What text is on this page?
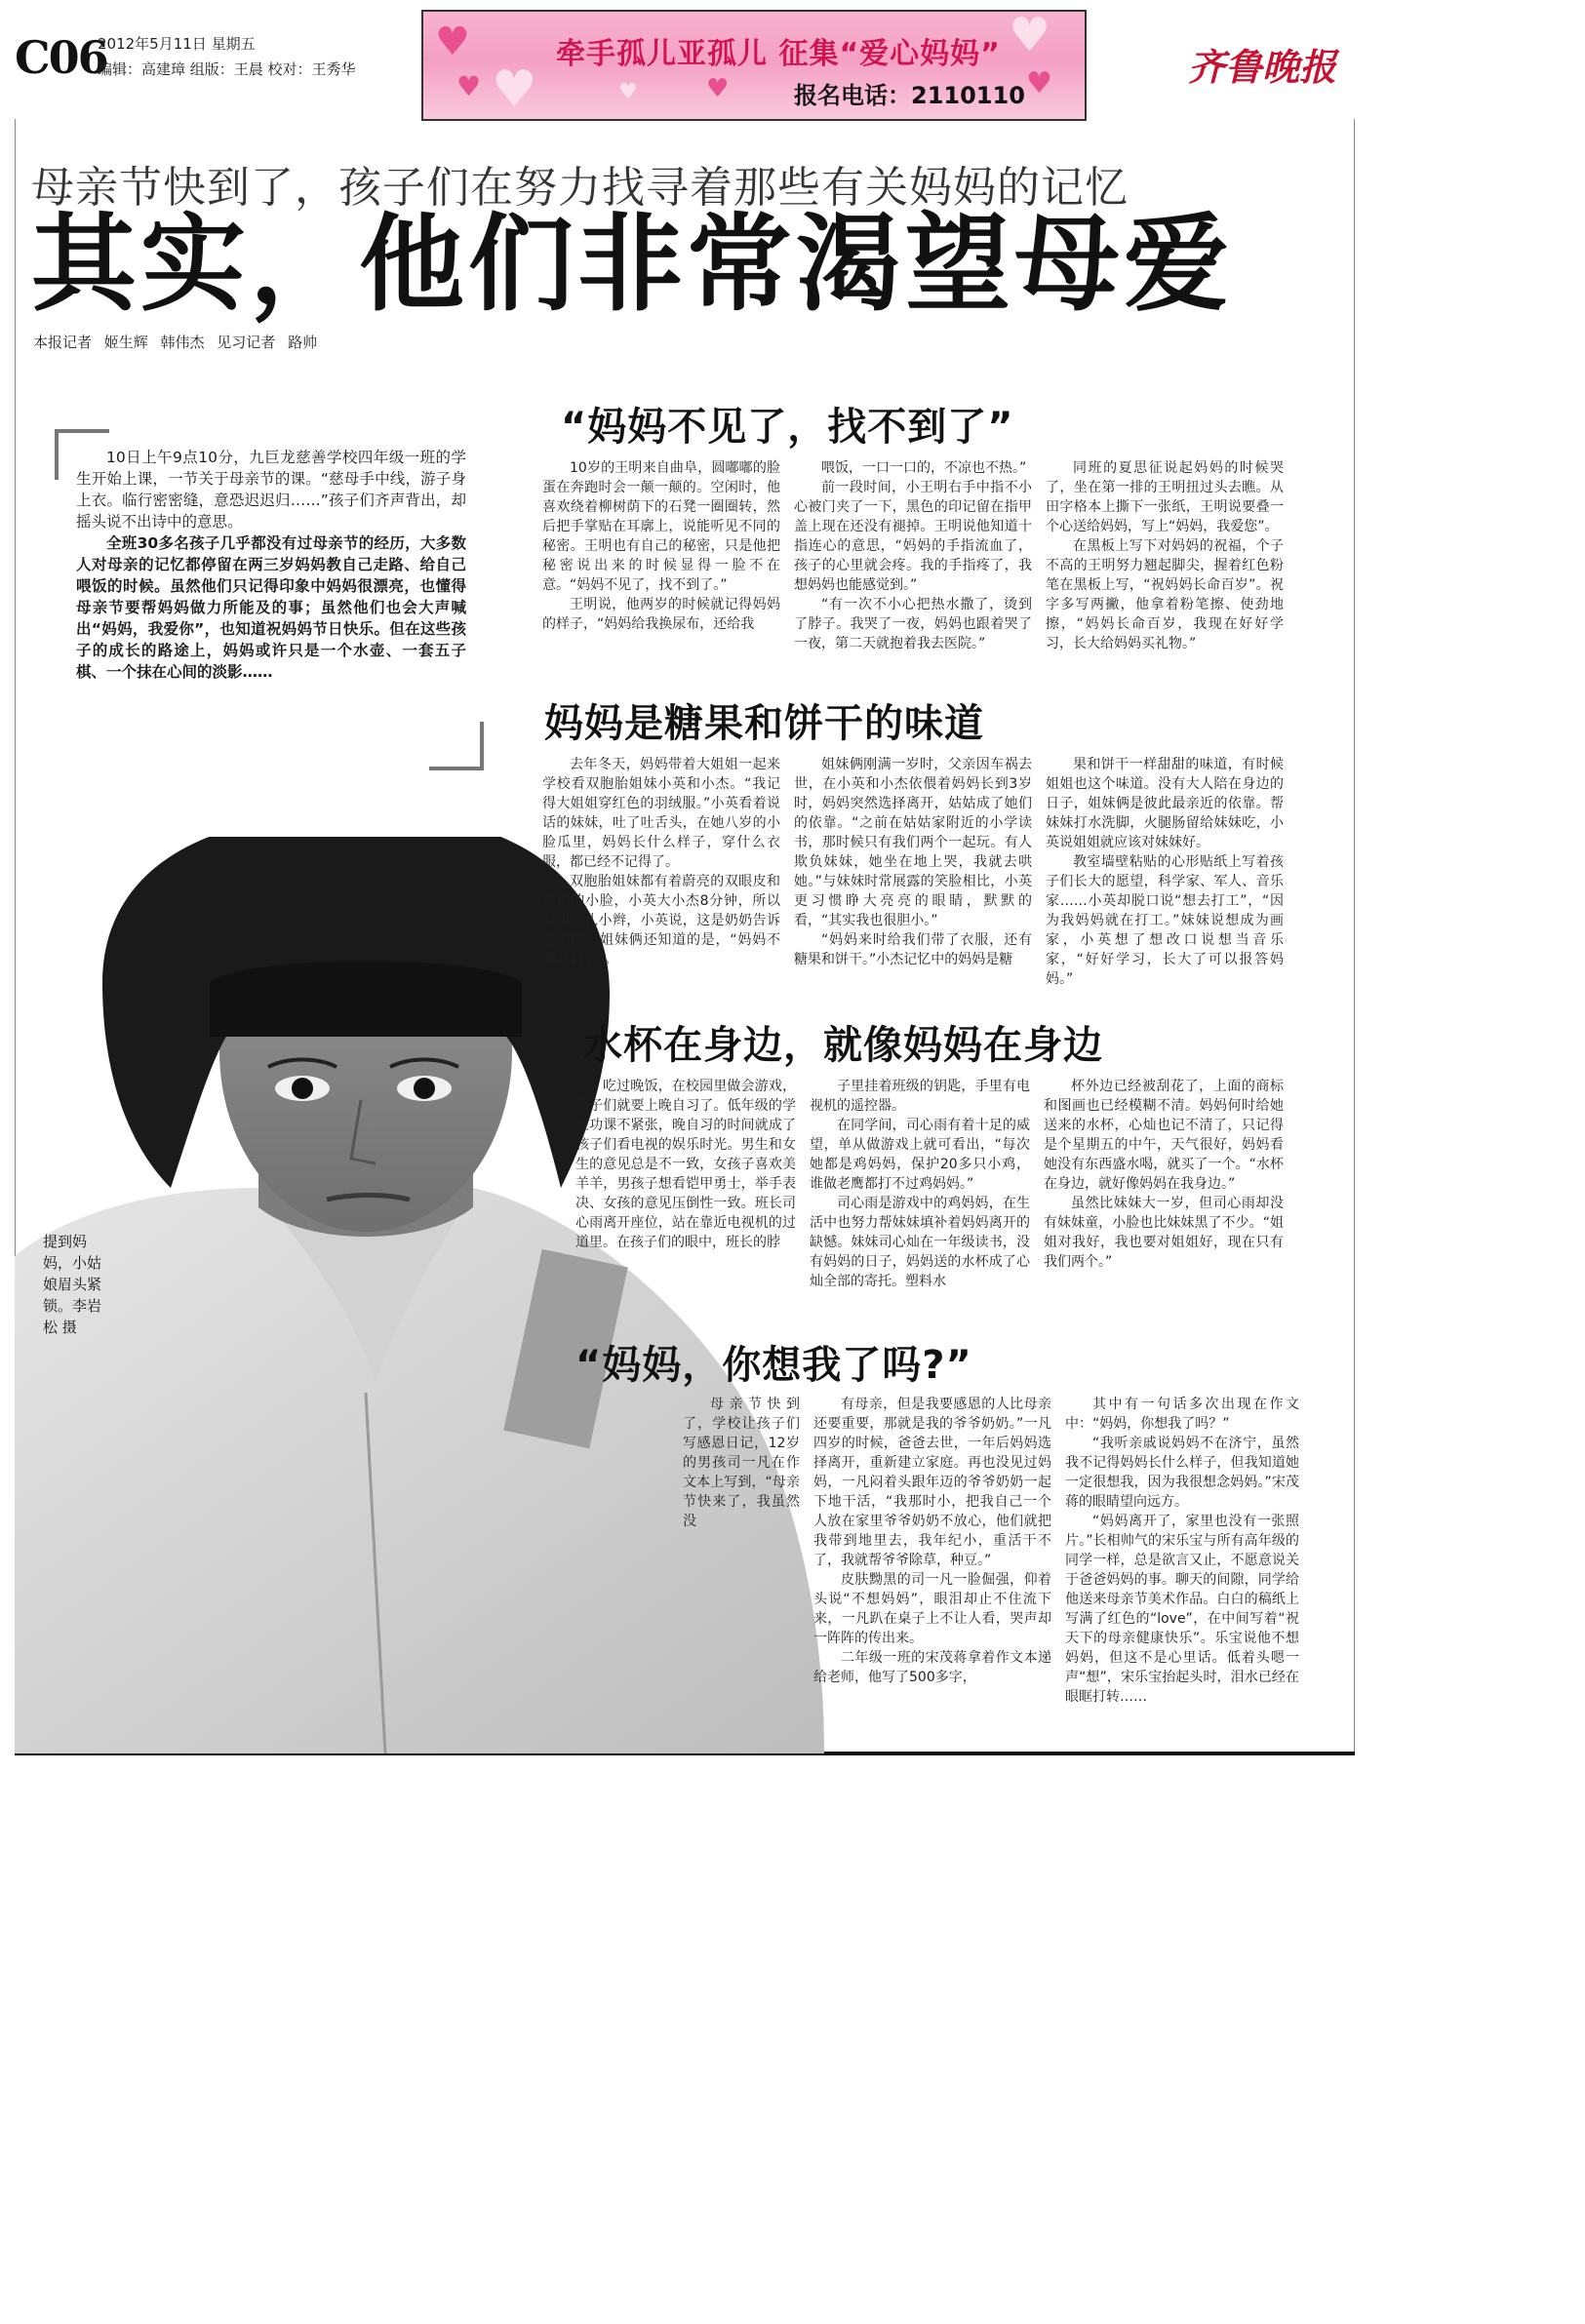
C06
2012年5月11日 星期五
编辑：高建璋 组版：王晨 校对：王秀华
♥
♥
♥
♥
♥
♥
♥
牵手孤儿亚孤儿 征集“爱心妈妈”
报名电话：2110110
齐鲁晚报
母亲节快到了，孩子们在努力找寻着那些有关妈妈的记忆
其实，他们非常渴望母爱
本报记者 姬生辉 韩伟杰 见习记者 路帅

10日上午9点10分，九巨龙慈善学校四年级一班的学生开始上课，一节关于母亲节的课。“慈母手中线，游子身上衣。临行密密缝，意恐迟迟归……”孩子们齐声背出，却摇头说不出诗中的意思。

全班30多名孩子几乎都没有过母亲节的经历，大多数人对母亲的记忆都停留在两三岁妈妈教自己走路、给自己喂饭的时候。虽然他们只记得印象中妈妈很漂亮，也懂得母亲节要帮妈妈做力所能及的事；虽然他们也会大声喊出“妈妈，我爱你”，也知道祝妈妈节日快乐。但在这些孩子的成长的路途上，妈妈或许只是一个水壶、一套五子棋、一个抹在心间的淡影……

提到妈妈，小姑娘眉头紧锁。李岩松 摄
“妈妈不见了，找不到了”

10岁的王明来自曲阜，圆嘟嘟的脸蛋在奔跑时会一颠一颠的。空闲时，他喜欢绕着柳树荫下的石凳一圈圈转，然后把手掌贴在耳廓上，说能听见不同的秘密。王明也有自己的秘密，只是他把秘密说出来的时候显得一脸不在意。“妈妈不见了，找不到了。”

王明说，他两岁的时候就记得妈妈的样子，“妈妈给我换尿布，还给我

喂饭，一口一口的，不凉也不热。”

前一段时间，小王明右手中指不小心被门夹了一下，黑色的印记留在指甲盖上现在还没有褪掉。王明说他知道十指连心的意思，“妈妈的手指流血了，孩子的心里就会疼。我的手指疼了，我想妈妈也能感觉到。”

“有一次不小心把热水撒了，烫到了脖子。我哭了一夜，妈妈也跟着哭了一夜，第二天就抱着我去医院。”

同班的夏思征说起妈妈的时候哭了，坐在第一排的王明扭过头去瞧。从田字格本上撕下一张纸，王明说要叠一个心送给妈妈，写上“妈妈，我爱您”。

在黑板上写下对妈妈的祝福，个子不高的王明努力翘起脚尖，握着红色粉笔在黑板上写，“祝妈妈长命百岁”。祝字多写两撇，他拿着粉笔擦、使劲地擦，“妈妈长命百岁，我现在好好学习，长大给妈妈买礼物。”

妈妈是糖果和饼干的味道

去年冬天，妈妈带着大姐姐一起来学校看双胞胎姐妹小英和小杰。“我记得大姐姐穿红色的羽绒服。”小英看着说话的妹妹，吐了吐舌头，在她八岁的小脸瓜里，妈妈长什么样子，穿什么衣服，都已经不记得了。

双胞胎姐妹都有着蔚亮的双眼皮和俊俏的小脸，小英大小杰8分钟，所以姐姐会扎小辫，小英说，这是奶奶告诉她们的。姐妹俩还知道的是，“妈妈不要我们了”。

姐妹俩刚满一岁时，父亲因车祸去世，在小英和小杰依偎着妈妈长到3岁时，妈妈突然选择离开，姑姑成了她们的依靠。“之前在姑姑家附近的小学读书，那时候只有我们两个一起玩。有人欺负妹妹，她坐在地上哭，我就去哄她。”与妹妹时常展露的笑脸相比，小英更习惯睁大亮亮的眼睛，默默的看，“其实我也很胆小。”

“妈妈来时给我们带了衣服，还有糖果和饼干。”小杰记忆中的妈妈是糖

果和饼干一样甜甜的味道，有时候姐姐也这个味道。没有大人陪在身边的日子，姐妹俩是彼此最亲近的依靠。帮妹妹打水洗脚，火腿肠留给妹妹吃，小英说姐姐就应该对妹妹好。

教室墙壁粘贴的心形贴纸上写着孩子们长大的愿望，科学家、军人、音乐家……小英却脱口说“想去打工”，“因为我妈妈就在打工。”妹妹说想成为画家，小英想了想改口说想当音乐家，“好好学习，长大了可以报答妈妈。”

水杯在身边，就像妈妈在身边

吃过晚饭，在校园里做会游戏，孩子们就要上晚自习了。低年级的学生功课不紧张，晚自习的时间就成了孩子们看电视的娱乐时光。男生和女生的意见总是不一致，女孩子喜欢美羊羊，男孩子想看铠甲勇士，举手表决、女孩的意见压倒性一致。班长司心雨离开座位，站在靠近电视机的过道里。在孩子们的眼中，班长的脖

子里挂着班级的钥匙，手里有电视机的遥控器。

在同学间，司心雨有着十足的威望，单从做游戏上就可看出，“每次她都是鸡妈妈，保护20多只小鸡，谁做老鹰都打不过鸡妈妈。”

司心雨是游戏中的鸡妈妈，在生活中也努力帮妹妹填补着妈妈离开的缺憾。妹妹司心灿在一年级读书，没有妈妈的日子，妈妈送的水杯成了心灿全部的寄托。塑料水

杯外边已经被刮花了，上面的商标和图画也已经模糊不清。妈妈何时给她送来的水杯，心灿也记不清了，只记得是个星期五的中午，天气很好，妈妈看她没有东西盛水喝，就买了一个。“水杯在身边，就好像妈妈在我身边。”

虽然比妹妹大一岁，但司心雨却没有妹妹童，小脸也比妹妹黑了不少。“姐姐对我好，我也要对姐姐好，现在只有我们两个。”

“妈妈，你想我了吗?”

母亲节快到了，学校让孩子们写感恩日记，12岁的男孩司一凡在作文本上写到，“母亲节快来了，我虽然没

有母亲，但是我要感恩的人比母亲还要重要，那就是我的爷爷奶奶。”一凡四岁的时候，爸爸去世，一年后妈妈选择离开，重新建立家庭。再也没见过妈妈，一凡闷着头跟年迈的爷爷奶奶一起下地干活，“我那时小，把我自己一个人放在家里爷爷奶奶不放心，他们就把我带到地里去，我年纪小，重活干不了，我就帮爷爷除草，种豆。”

皮肤黝黑的司一凡一脸倔强，仰着头说“不想妈妈”，眼泪却止不住流下来，一凡趴在桌子上不让人看，哭声却一阵阵的传出来。

二年级一班的宋茂蒋拿着作文本递给老师，他写了500多字，

其中有一句话多次出现在作文中：“妈妈，你想我了吗？”

“我听亲戚说妈妈不在济宁，虽然我不记得妈妈长什么样子，但我知道她一定很想我，因为我很想念妈妈。”宋茂蒋的眼睛望向远方。

“妈妈离开了，家里也没有一张照片。”长相帅气的宋乐宝与所有高年级的同学一样，总是欲言又止，不愿意说关于爸爸妈妈的事。聊天的间隙，同学给他送来母亲节美术作品。白白的稿纸上写满了红色的“love”，在中间写着“祝天下的母亲健康快乐”。乐宝说他不想妈妈，但这不是心里话。低着头嗯一声“想”，宋乐宝抬起头时，泪水已经在眼眶打转……
